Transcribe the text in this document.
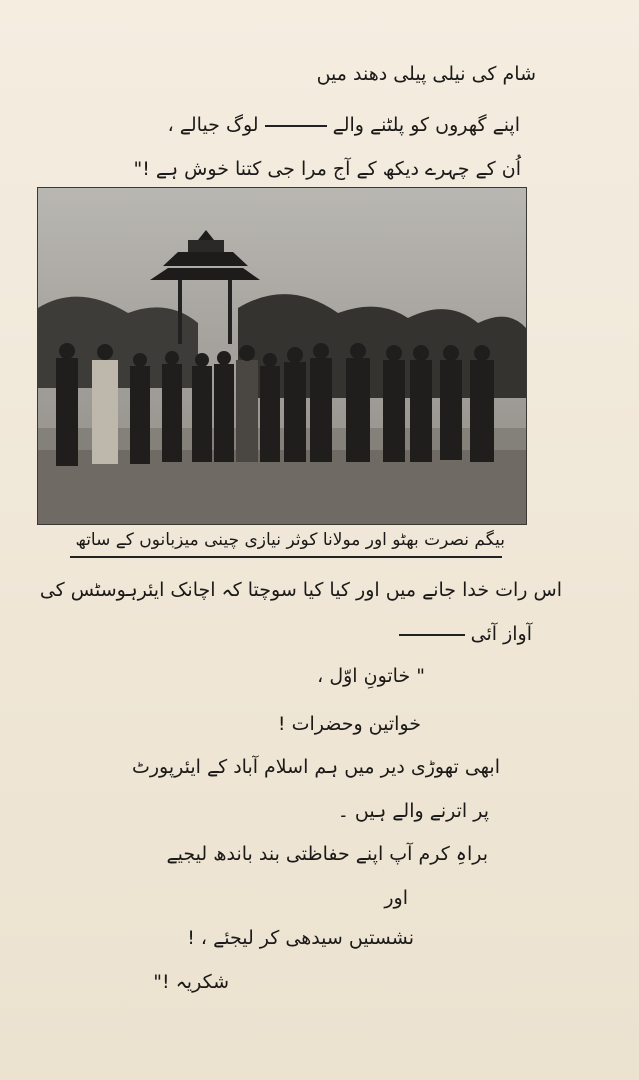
شام کی نیلی پیلی دھند میں
اپنے گھروں کو پلٹنے والےلوگ جیالے ،
اُن کے چہرے دیکھ کے آج مرا جی کتنا خوش ہے !"
بیگم نصرت بھٹو اور مولانا کوثر نیازی چینی میزبانوں کے ساتھ
اس رات خدا جانے میں اور کیا کیا سوچتا کہ اچانک ایئرہوسٹس کی
آواز آئی
" خاتونِ اوّل ،
خواتین وحضرات !
ابھی تھوڑی دیر میں ہم اسلام آباد کے ایئرپورٹ
پر اترنے والے ہیں ۔
براہِ کرم آپ اپنے حفاظتی بند باندھ لیجیے
اور
نشستیں سیدھی کر لیجئے ، !
شکریہ !"
